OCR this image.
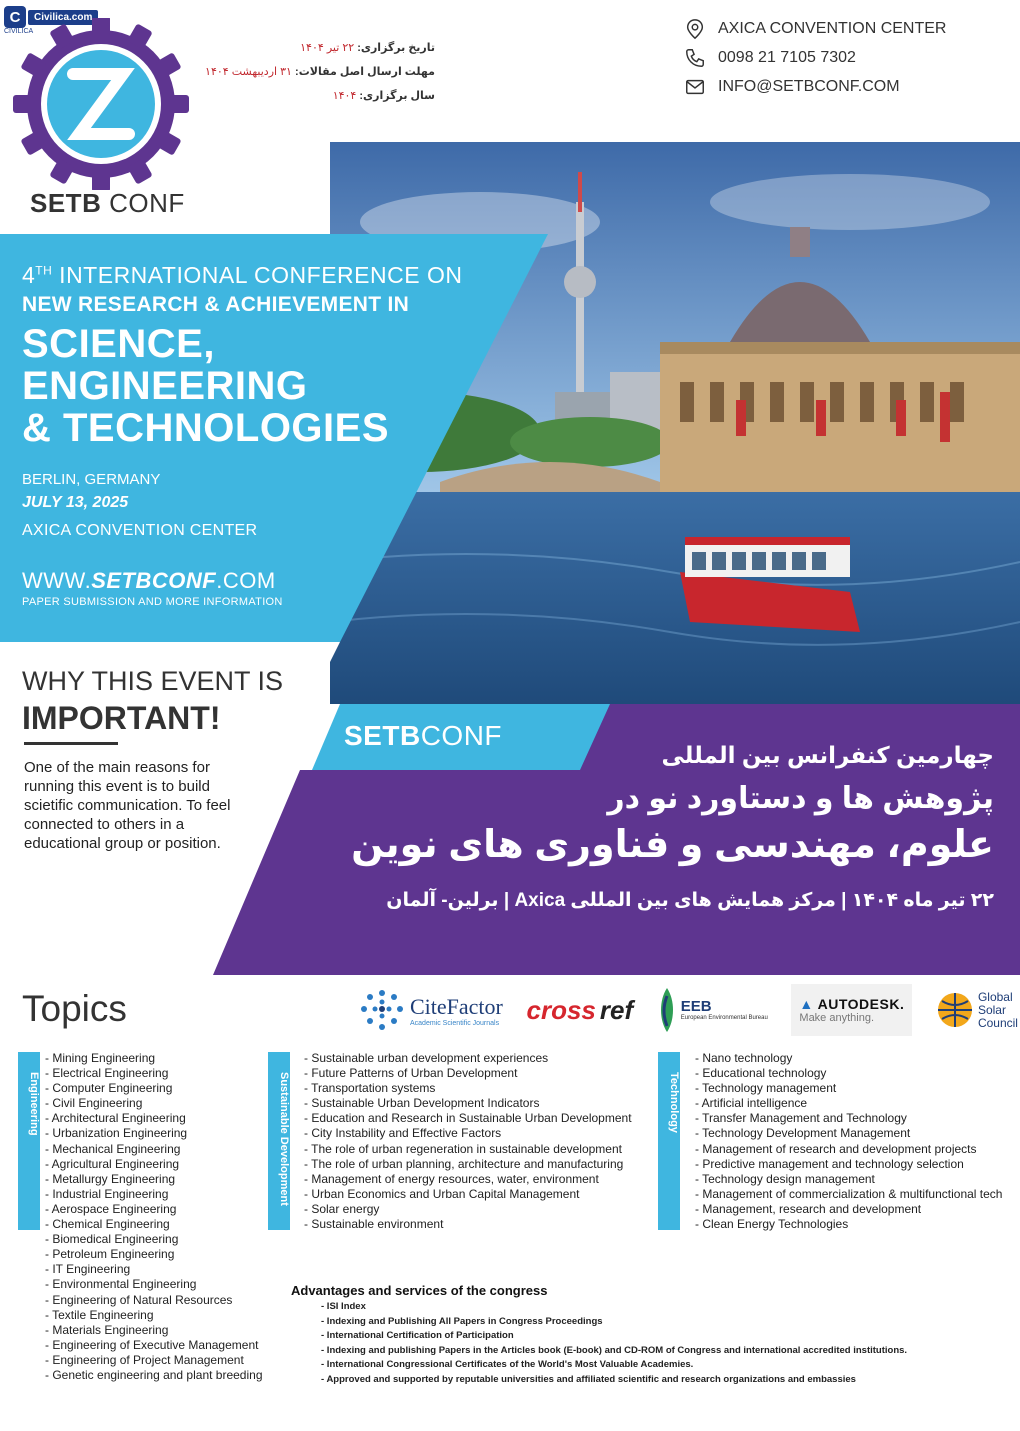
C	Civilica.com
CIVILICA
SETB CONF
تاریخ برگزاری: ۲۲ تیر ۱۴۰۴
مهلت ارسال اصل مقالات: ۳۱ اردیبهشت ۱۴۰۴
سال برگزاری: ۱۴۰۴
AXICA CONVENTION CENTER
0098 21 7105 7302
INFO@SETBCONF.COM
4TH INTERNATIONAL CONFERENCE ON
NEW RESEARCH & ACHIEVEMENT IN
SCIENCE,
ENGINEERING
& TECHNOLOGIES
BERLIN, GERMANY
JULY 13, 2025
AXICA CONVENTION CENTER
WWW.SETBCONF.COM
PAPER SUBMISSION AND MORE INFORMATION
WHY THIS EVENT IS
IMPORTANT!
One of the main reasons for running this event is to build scietific communication. To feel connected to others in a educational group or position.
SETBCONF
چهارمین کنفرانس بین المللی
پژوهش ها و دستاورد نو در
علوم، مهندسی و فناوری های نوین
۲۲ تیر ماه ۱۴۰۴ | مرکز همایش های بین المللی Axica | برلین- آلمان
Topics	CiteFactor
Academic Scientific Journals cross ref	EEB
European Environmental Bureau
▲ AUTODESK.
Make anything.
Global
Solar
Council
Engineering
- Mining Engineering
- Electrical Engineering
- Computer Engineering
- Civil Engineering
- Architectural Engineering
- Urbanization Engineering
- Mechanical Engineering
- Agricultural Engineering
- Metallurgy Engineering
- Industrial Engineering
- Aerospace Engineering
- Chemical Engineering
- Biomedical Engineering
- Petroleum Engineering
- IT Engineering
- Environmental Engineering
- Engineering of Natural Resources
- Textile Engineering
- Materials Engineering
- Engineering of Executive Management
- Engineering of Project Management
- Genetic engineering and plant breeding
Sustainable Development
- Sustainable urban development experiences
- Future Patterns of Urban Development
- Transportation systems
- Sustainable Urban Development Indicators
- Education and Research in Sustainable Urban Development
- City Instability and Effective Factors
- The role of urban regeneration in sustainable development
- The role of urban planning, architecture and manufacturing
- Management of energy resources, water, environment
- Urban Economics and Urban Capital Management
- Solar energy
- Sustainable environment
Technology
- Nano technology
- Educational technology
- Technology management
- Artificial intelligence
- Transfer Management and Technology
- Technology Development Management
- Management of research and development projects
- Predictive management and technology selection
- Technology design management
- Management of commercialization & multifunctional tech
- Management, research and development
- Clean Energy Technologies
Advantages and services of the congress
- ISI Index
- Indexing and Publishing All Papers in Congress Proceedings
- International Certification of Participation
- Indexing and publishing Papers in the Articles book (E-book) and CD-ROM of Congress and international accredited institutions.
- International Congressional Certificates of the World's Most Valuable Academies.
- Approved and supported by reputable universities and affiliated scientific and research organizations and embassies
